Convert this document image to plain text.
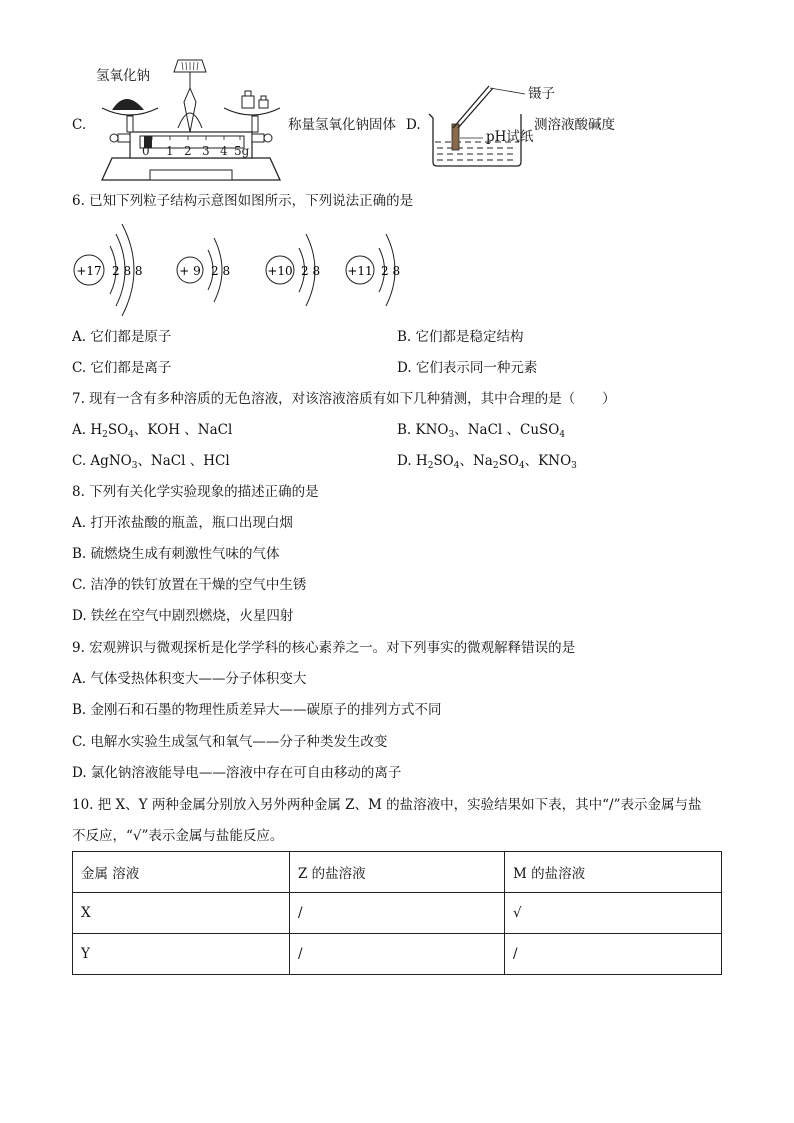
C.
0 1 2 3 4 5g
氢氧化钠
称量氢氧化钠固体 D.
镊子
pH试纸
测溶液酸碱度
6. 已知下列粒子结构示意图如图所示，下列说法正确的是
+17 2 8 8	+ 9 2 8	+10 2 8 +11 2 8
A. 它们都是原子	B. 它们都是稳定结构
C. 它们都是离子	D. 它们表示同一种元素
7. 现有一含有多种溶质的无色溶液，对该溶液溶质有如下几种猜测，其中合理的是（　　）
A. $H_2SO_4$、KOH 、NaCl	B. $KNO_3$、NaCl 、CuSO$_4$
C. AgNO$_3$、NaCl 、HCl	D. $H_2SO_4$、$Na_2SO_4$、$KNO_3$
8. 下列有关化学实验现象的描述正确的是
A. 打开浓盐酸的瓶盖，瓶口出现白烟
B. 硫燃烧生成有刺激性气味的气体
C. 洁净的铁钉放置在干燥的空气中生锈
D. 铁丝在空气中剧烈燃烧，火星四射
9. 宏观辨识与微观探析是化学学科的核心素养之一。对下列事实的微观解释错误的是
A. 气体受热体积变大——分子体积变大
B. 金刚石和石墨的物理性质差异大——碳原子的排列方式不同
C. 电解水实验生成氢气和氧气——分子种类发生改变
D. 氯化钠溶液能导电——溶液中存在可自由移动的离子
10. 把 X、Y 两种金属分别放入另外两种金属 Z、M 的盐溶液中，实验结果如下表，其中“/”表示金属与盐
不反应，“√”表示金属与盐能反应。
金属 溶液	Z 的盐溶液	M 的盐溶液
X	/	√
Y	/	/
